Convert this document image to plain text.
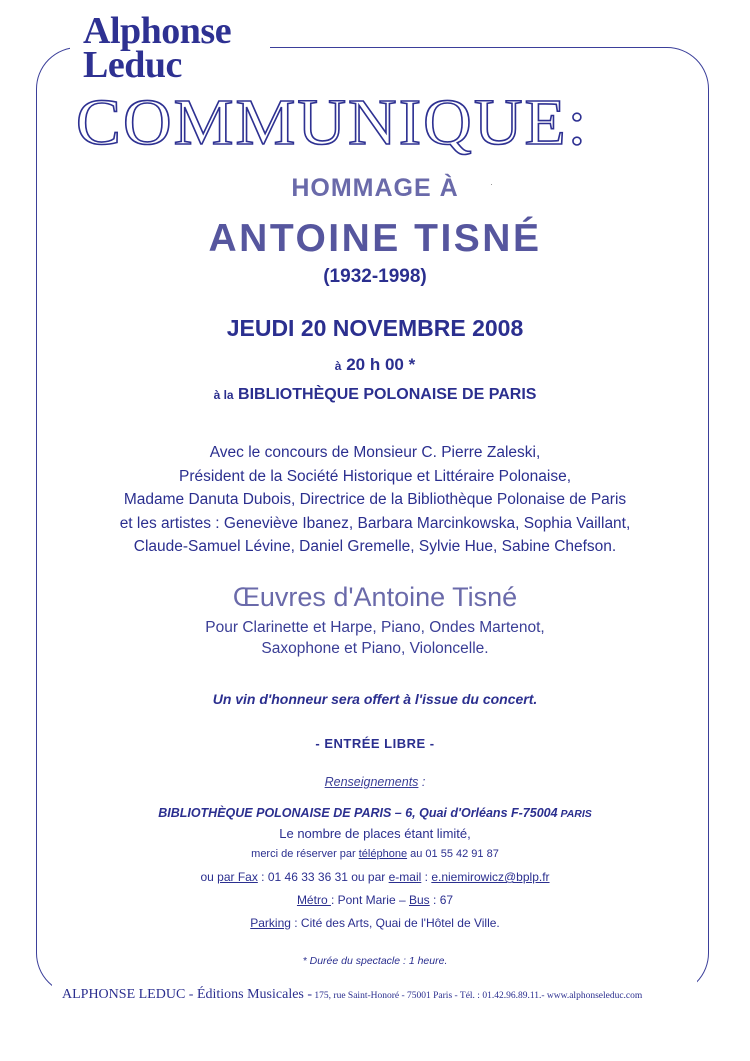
Alphonse
Leduc
COMMUNIQUE:
HOMMAGE À
ANTOINE TISNÉ
(1932-1998)
JEUDI 20 NOVEMBRE 2008
à 20 h 00 *
à la BIBLIOTHÈQUE POLONAISE DE PARIS
Avec le concours de Monsieur C. Pierre Zaleski,
Président de la Société Historique et Littéraire Polonaise,
Madame Danuta Dubois, Directrice de la Bibliothèque Polonaise de Paris
et les artistes : Geneviève Ibanez, Barbara Marcinkowska, Sophia Vaillant,
Claude-Samuel Lévine, Daniel Gremelle, Sylvie Hue, Sabine Chefson.
Œuvres d'Antoine Tisné
Pour Clarinette et Harpe, Piano, Ondes Martenot,
Saxophone et Piano, Violoncelle.
Un vin d'honneur sera offert à l'issue du concert.
- ENTRÉE LIBRE -
Renseignements :
BIBLIOTHÈQUE POLONAISE DE PARIS – 6, Quai d'Orléans F-75004 PARIS
Le nombre de places étant limité,
merci de réserver par téléphone au 01 55 42 91 87
ou par Fax : 01 46 33 36 31 ou par e-mail : e.niemirowicz@bplp.fr
Métro : Pont Marie – Bus : 67
Parking : Cité des Arts, Quai de l'Hôtel de Ville.
* Durée du spectacle : 1 heure.
ALPHONSE LEDUC - Éditions Musicales - 175, rue Saint-Honoré - 75001 Paris - Tél. : 01.42.96.89.11.- www.alphonseleduc.com
